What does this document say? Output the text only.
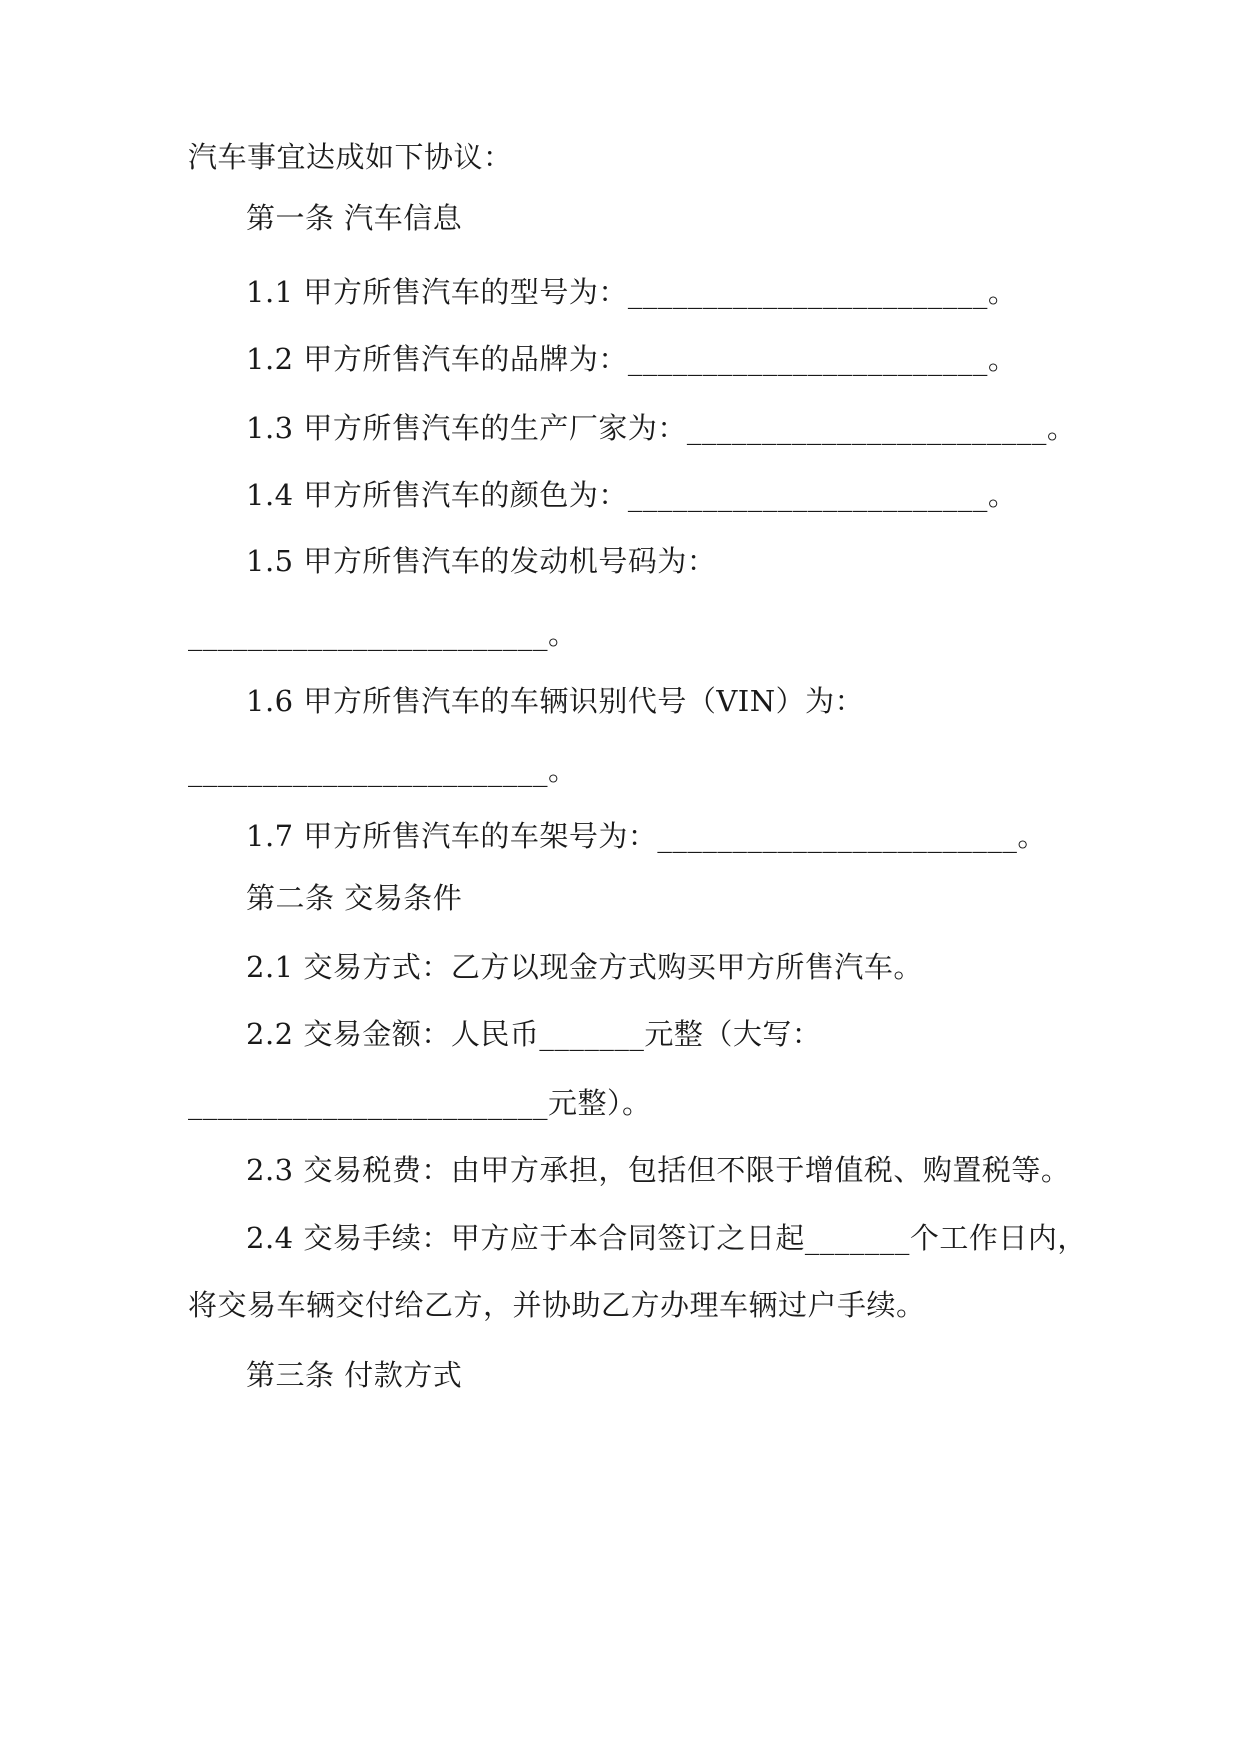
汽车事宜达成如下协议：
第一条 汽车信息
1.1 甲方所售汽车的型号为：________________________。
1.2 甲方所售汽车的品牌为：________________________。
1.3 甲方所售汽车的生产厂家为：________________________。
1.4 甲方所售汽车的颜色为：________________________。
1.5 甲方所售汽车的发动机号码为：
________________________。
1.6 甲方所售汽车的车辆识别代号（VIN）为：
________________________。
1.7 甲方所售汽车的车架号为：________________________。
第二条 交易条件
2.1 交易方式：乙方以现金方式购买甲方所售汽车。
2.2 交易金额：人民币_______元整（大写：
________________________元整）。
2.3 交易税费：由甲方承担，包括但不限于增值税、购置税等。
2.4 交易手续：甲方应于本合同签订之日起_______个工作日内，
将交易车辆交付给乙方，并协助乙方办理车辆过户手续。
第三条 付款方式
